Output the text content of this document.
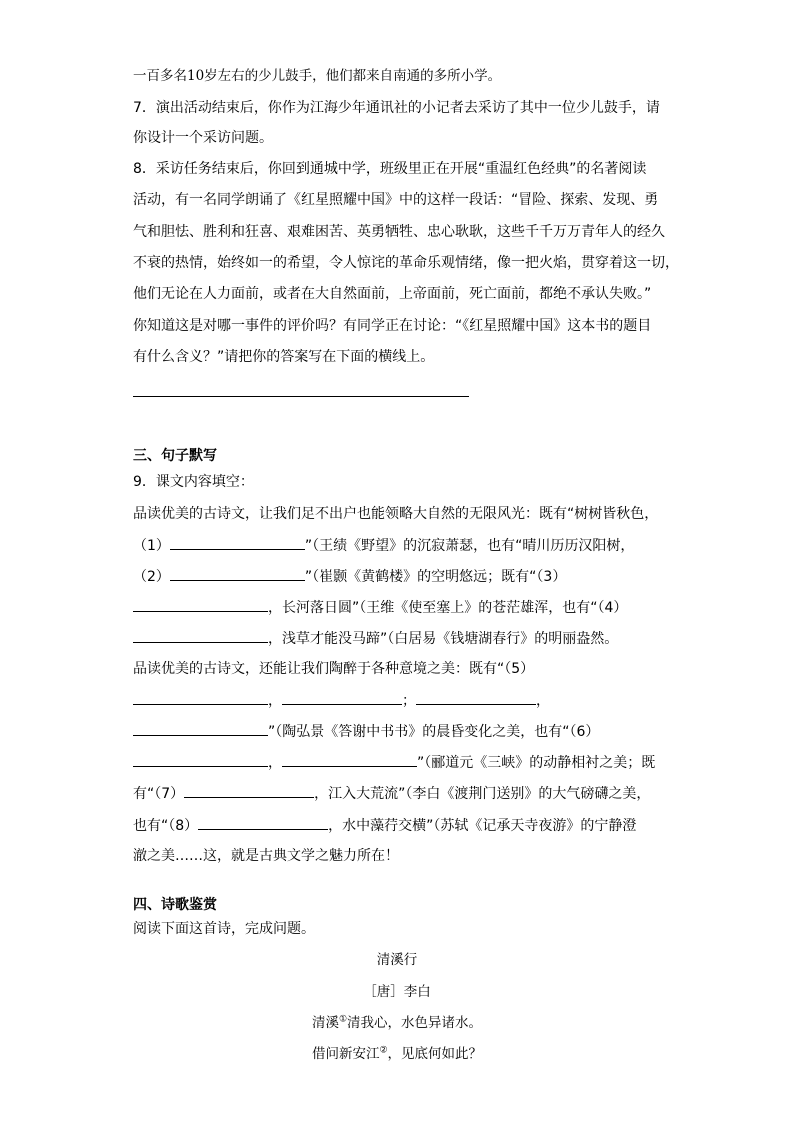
一百多名10岁左右的少儿鼓手，他们都来自南通的多所小学。
7．演出活动结束后，你作为江海少年通讯社的小记者去采访了其中一位少儿鼓手，请
你设计一个采访问题。
8．采访任务结束后，你回到通城中学，班级里正在开展“重温红色经典”的名著阅读
活动，有一名同学朗诵了《红星照耀中国》中的这样一段话：“冒险、探索、发现、勇
气和胆怯、胜利和狂喜、艰难困苦、英勇牺牲、忠心耿耿，这些千千万万青年人的经久
不衰的热情，始终如一的希望，令人惊诧的革命乐观情绪，像一把火焰，贯穿着这一切，
他们无论在人力面前，或者在大自然面前，上帝面前，死亡面前，都绝不承认失败。”
你知道这是对哪一事件的评价吗？有同学正在讨论：“《红星照耀中国》这本书的题目
有什么含义？”请把你的答案写在下面的横线上。
三、句子默写
9．课文内容填空：
品读优美的古诗文，让我们足不出户也能领略大自然的无限风光：既有“树树皆秋色，
（1）	”（王绩《野望》的沉寂萧瑟，也有“晴川历历汉阳树，
（2）	”（崔颢《黄鹤楼》的空明悠远；既有“（3）
，长河落日圆”（王维《使至塞上》的苍茫雄浑，也有“（4）
，浅草才能没马蹄”（白居易《钱塘湖春行》的明丽盎然。
品读优美的古诗文，还能让我们陶醉于各种意境之美：既有“（5）
，	；	，
”（陶弘景《答谢中书书》的晨昏变化之美，也有“（6）
，	”（郦道元《三峡》的动静相衬之美；既
有“（7）	，江入大荒流”（李白《渡荆门送别》的大气磅礴之美，
也有“（8）	，水中藻荇交横”（苏轼《记承天寺夜游》的宁静澄
澈之美……这，就是古典文学之魅力所在！
四、诗歌鉴赏
阅读下面这首诗，完成问题。
清溪行
［唐］李白
清溪①清我心，水色异诸水。
借问新安江②，见底何如此？
